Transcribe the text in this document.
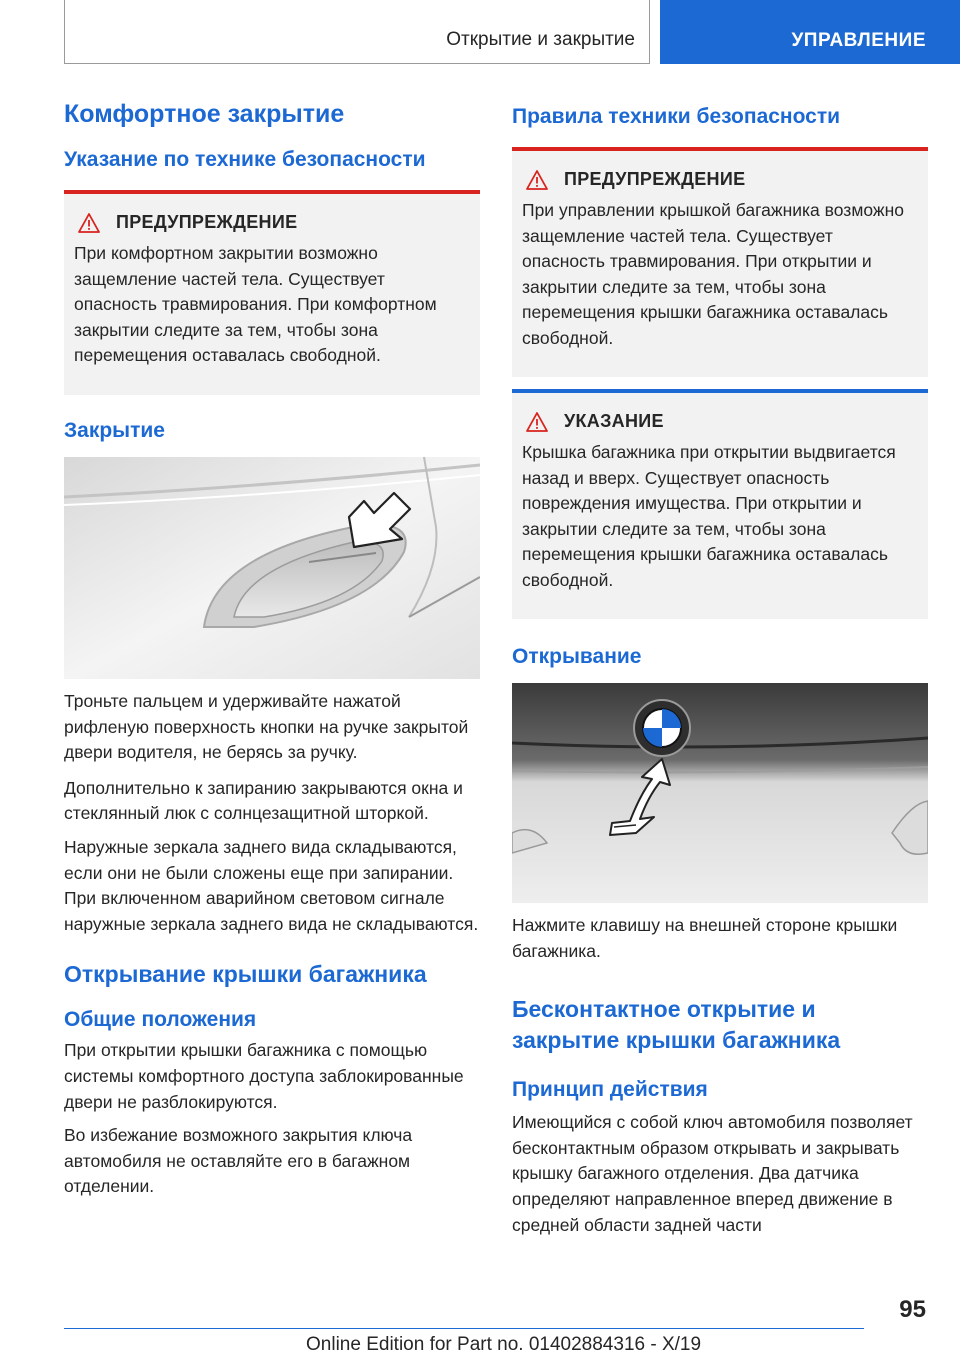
Открытие и закрытие	УПРАВЛЕНИЕ
Комфортное закрытие
Указание по технике безопасности
ПРЕДУПРЕЖДЕНИЕ

При комфортном закрытии возможно защемление частей тела. Существует опасность травмирования. При комфортном закрытии следите за тем, чтобы зона перемещения оставалась свободной.

Закрытие

Троньте пальцем и удерживайте нажатой рифленую поверхность кнопки на ручке закрытой двери водителя, не берясь за ручку.

Дополнительно к запиранию закрываются окна и стеклянный люк с солнцезащитной шторкой.

Наружные зеркала заднего вида складываются, если они не были сложены еще при запирании. При включенном аварийном световом сигнале наружные зеркала заднего вида не складываются.

Открывание крышки багажника
Общие положения

При открытии крышки багажника с помощью системы комфортного доступа заблокированные двери не разблокируются.

Во избежание возможного закрытия ключа автомобиля не оставляйте его в багажном отделении.

Правила техники безопасности
ПРЕДУПРЕЖДЕНИЕ

При управлении крышкой багажника возможно защемление частей тела. Существует опасность травмирования. При открытии и закрытии следите за тем, чтобы зона перемещения крышки багажника оставалась свободной.

УКАЗАНИЕ

Крышка багажника при открытии выдвигается назад и вверх. Существует опасность повреждения имущества. При открытии и закрытии следите за тем, чтобы зона перемещения крышки багажника оставалась свободной.

Открывание

Нажмите клавишу на внешней стороне крышки багажника.

Бесконтактное открытие и закрытие крышки багажника
Принцип действия

Имеющийся с собой ключ автомобиля позволяет бесконтактным образом открывать и закрывать крышку багажного отделения. Два датчика определяют направленное вперед движение в средней области задней части

95
Online Edition for Part no. 01402884316 - X/19
